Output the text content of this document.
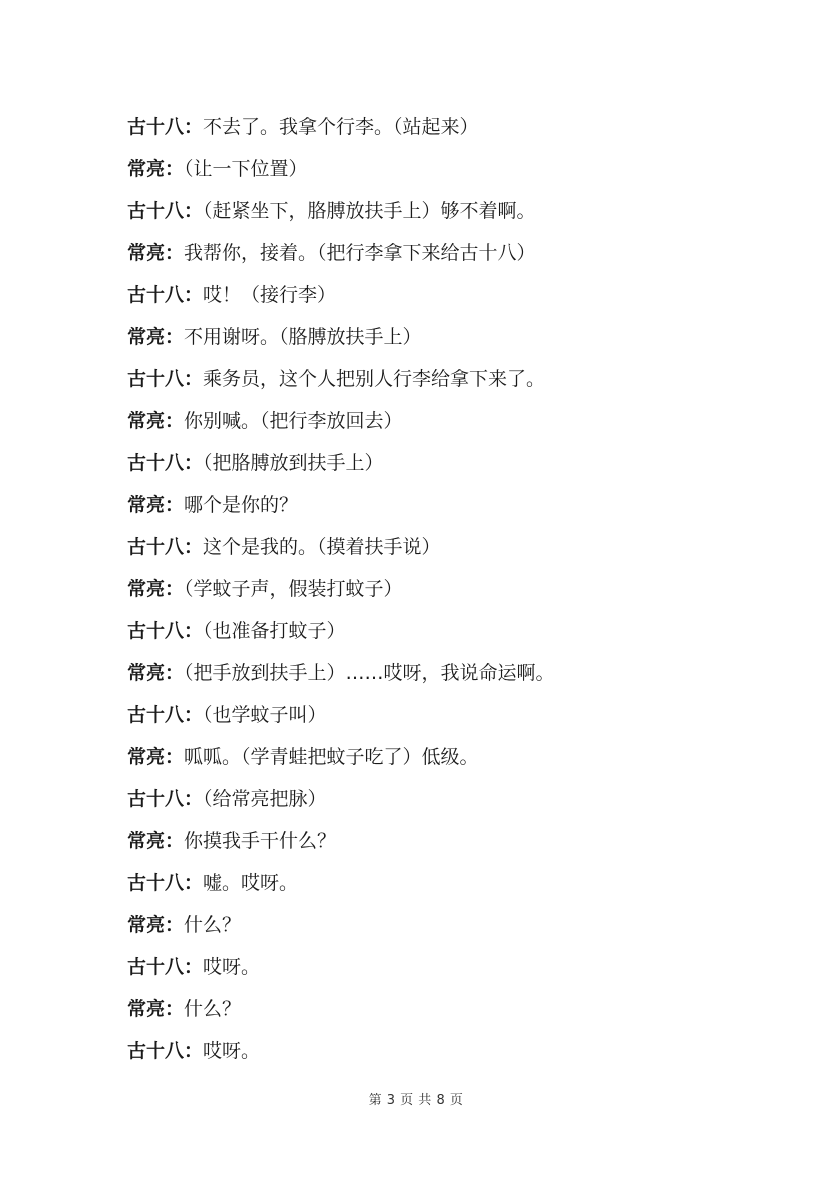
古十八：不去了。我拿个行李。（站起来）
常亮：（让一下位置）
古十八：（赶紧坐下，胳膊放扶手上）够不着啊。
常亮：我帮你，接着。（把行李拿下来给古十八）
古十八：哎！（接行李）
常亮：不用谢呀。（胳膊放扶手上）
古十八：乘务员，这个人把别人行李给拿下来了。
常亮：你别喊。（把行李放回去）
古十八：（把胳膊放到扶手上）
常亮：哪个是你的？
古十八：这个是我的。（摸着扶手说）
常亮：（学蚊子声，假装打蚊子）
古十八：（也准备打蚊子）
常亮：（把手放到扶手上）……哎呀，我说命运啊。
古十八：（也学蚊子叫）
常亮：呱呱。（学青蛙把蚊子吃了）低级。
古十八：（给常亮把脉）
常亮：你摸我手干什么？
古十八：嘘。哎呀。
常亮：什么？
古十八：哎呀。
常亮：什么？
古十八：哎呀。
第 3 页 共 8 页
